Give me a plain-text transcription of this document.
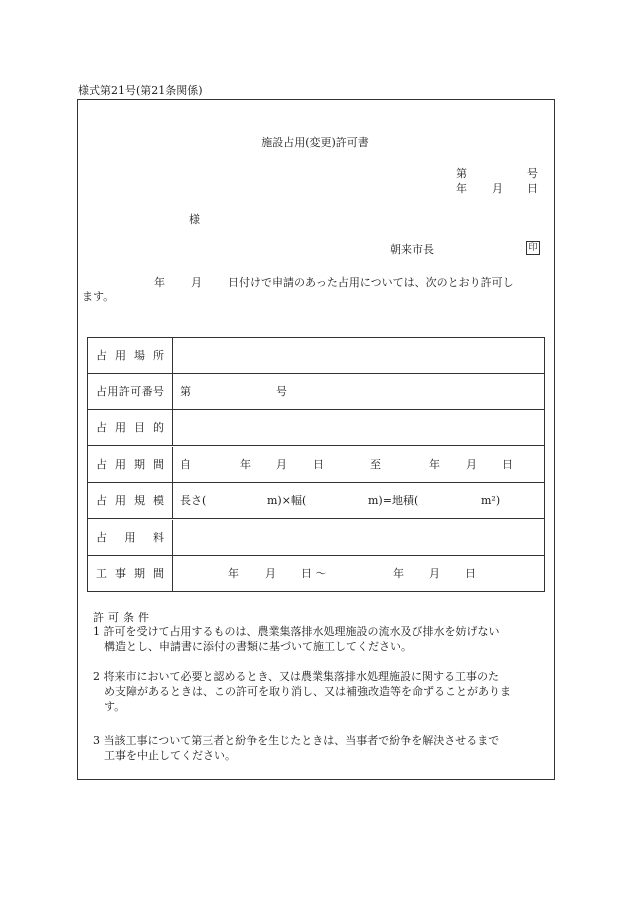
様式第21号(第21条関係)
施設占用(変更)許可書
第	号
年 月 日
様
朝来市長	印
年 月 日付けで申請のあった占用については、次のとおり許可し
ます。
占用場所
占用許可番号 第	号
占用目的
占用期間 自	年 月 日	至	年 月 日
占用規模 長さ(	m)×幅(	m)=地積(	m²)
占用料
工事期間	年 月 日 〜	年 月 日
許可条件
1 許可を受けて占用するものは、農業集落排水処理施設の流水及び排水を妨げない
構造とし、申請書に添付の書類に基づいて施工してください。
2 将来市において必要と認めるとき、又は農業集落排水処理施設に関する工事のた
め支障があるときは、この許可を取り消し、又は補強改造等を命ずることがありま
す。
3 当該工事について第三者と紛争を生じたときは、当事者で紛争を解決させるまで
工事を中止してください。
